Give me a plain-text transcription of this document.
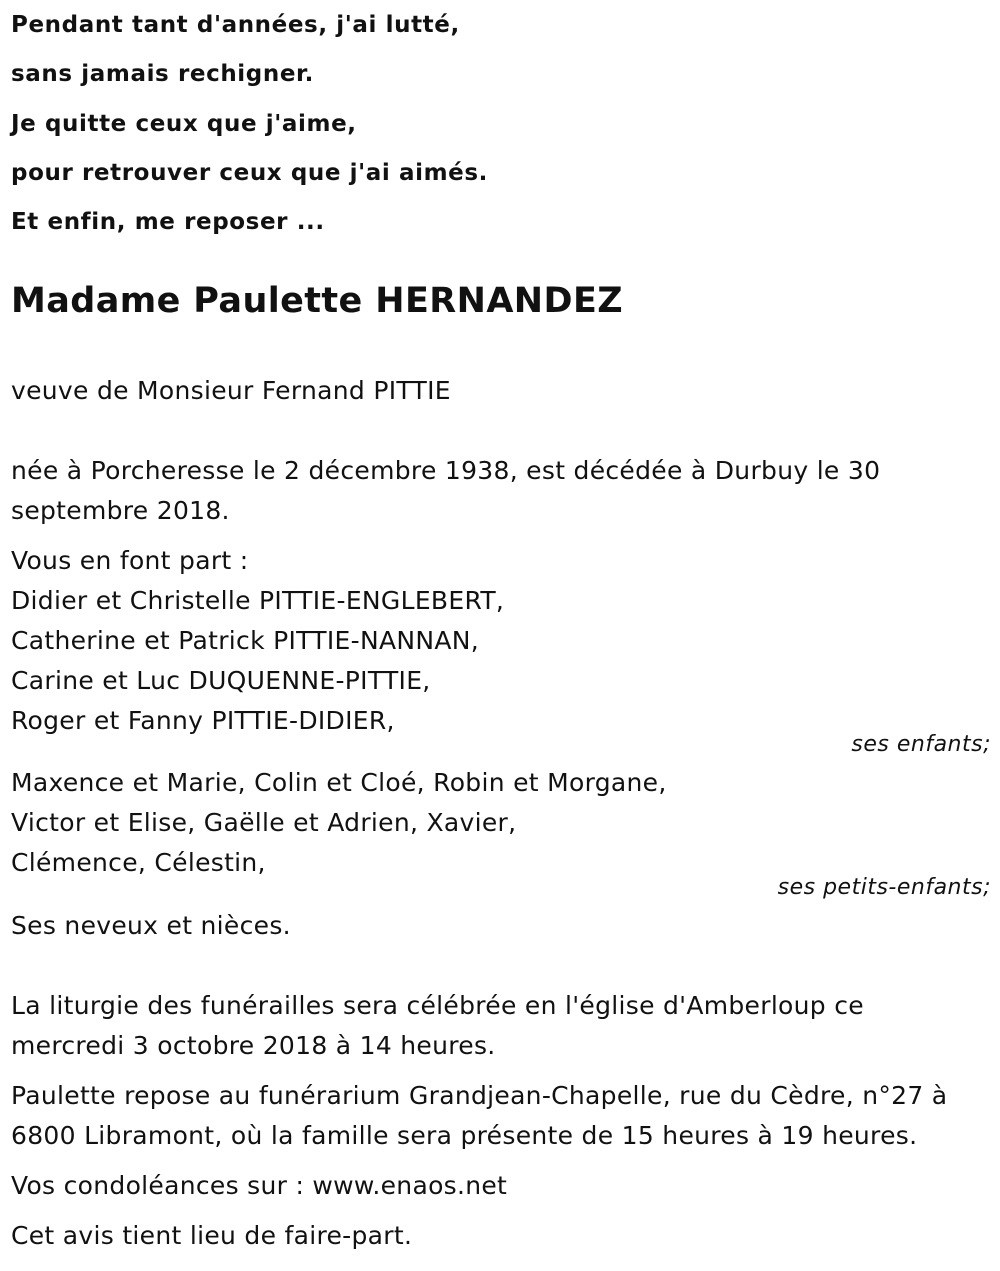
Pendant tant d'années, j'ai lutté,
sans jamais rechigner.
Je quitte ceux que j'aime,
pour retrouver ceux que j'ai aimés.
Et enfin, me reposer ...
Madame Paulette HERNANDEZ
veuve de Monsieur Fernand PITTIE
née à Porcheresse le 2 décembre 1938, est décédée à Durbuy le 30
septembre 2018.
Vous en font part :
Didier et Christelle PITTIE-ENGLEBERT,
Catherine et Patrick PITTIE-NANNAN,
Carine et Luc DUQUENNE-PITTIE,
Roger et Fanny PITTIE-DIDIER,
ses enfants;
Maxence et Marie, Colin et Cloé, Robin et Morgane,
Victor et Elise, Gaëlle et Adrien, Xavier,
Clémence, Célestin,
ses petits-enfants;
Ses neveux et nièces.
La liturgie des funérailles sera célébrée en l'église d'Amberloup ce
mercredi 3 octobre 2018 à 14 heures.
Paulette repose au funérarium Grandjean-Chapelle, rue du Cèdre, n°27 à
6800 Libramont, où la famille sera présente de 15 heures à 19 heures.
Vos condoléances sur : www.enaos.net
Cet avis tient lieu de faire-part.
